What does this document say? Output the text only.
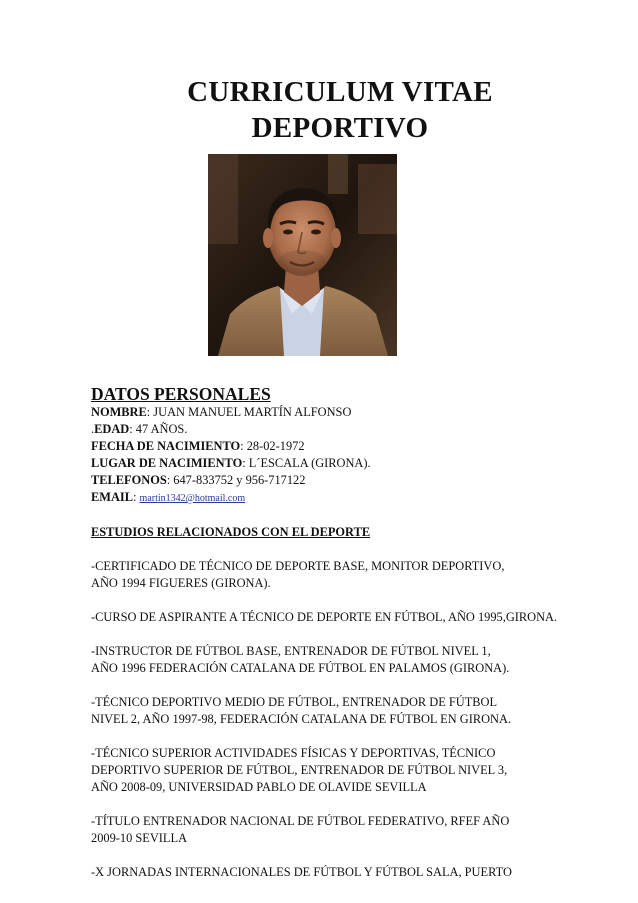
CURRICULUM VITAE
DEPORTIVO
DATOS PERSONALES
NOMBRE: JUAN MANUEL MARTÍN ALFONSO
.EDAD: 47 AÑOS.
FECHA DE NACIMIENTO: 28-02-1972
LUGAR DE NACIMIENTO: L´ESCALA (GIRONA).
TELEFONOS: 647-833752 y 956-717122
EMAIL: martin1342@hotmail.com
ESTUDIOS RELACIONADOS CON EL DEPORTE
-CERTIFICADO DE TÉCNICO DE DEPORTE BASE, MONITOR DEPORTIVO,
AÑO 1994 FIGUERES (GIRONA).
-CURSO DE ASPIRANTE A TÉCNICO DE DEPORTE EN FÚTBOL, AÑO 1995,GIRONA.
-INSTRUCTOR DE FÚTBOL BASE, ENTRENADOR DE FÚTBOL NIVEL 1,
AÑO 1996 FEDERACIÓN CATALANA DE FÚTBOL EN PALAMOS (GIRONA).
-TÉCNICO DEPORTIVO MEDIO DE FÚTBOL, ENTRENADOR DE FÚTBOL
NIVEL 2, AÑO 1997-98, FEDERACIÓN CATALANA DE FÚTBOL EN GIRONA.
-TÉCNICO SUPERIOR ACTIVIDADES FÍSICAS Y DEPORTIVAS, TÉCNICO
DEPORTIVO SUPERIOR DE FÚTBOL, ENTRENADOR DE FÚTBOL NIVEL 3,
AÑO 2008-09, UNIVERSIDAD PABLO DE OLAVIDE SEVILLA
-TÍTULO ENTRENADOR NACIONAL DE FÚTBOL FEDERATIVO, RFEF AÑO
2009-10 SEVILLA
-X JORNADAS INTERNACIONALES DE FÚTBOL Y FÚTBOL SALA, PUERTO
